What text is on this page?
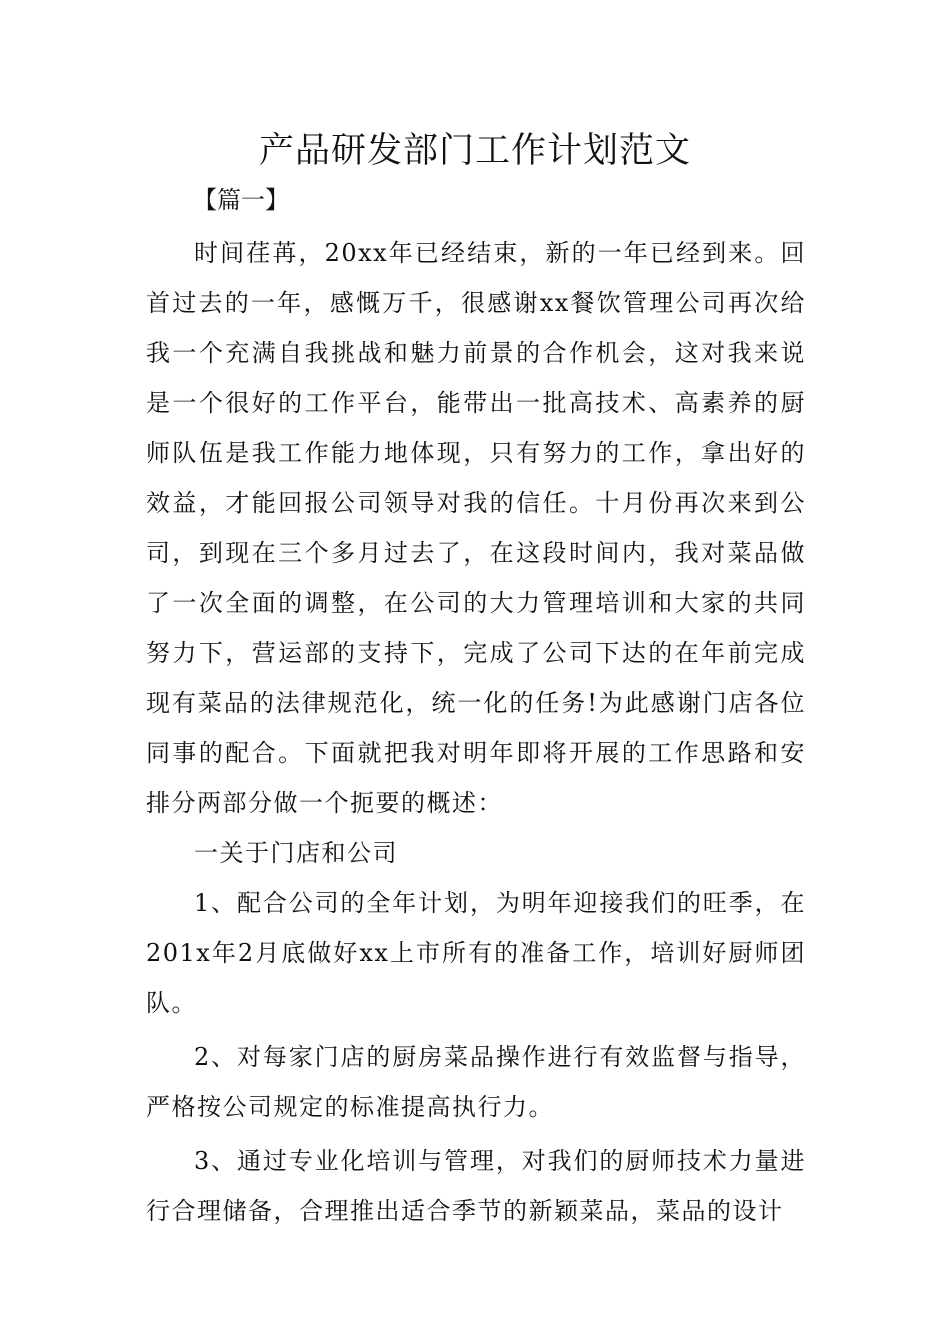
产品研发部门工作计划范文
【篇一】

时间荏苒，20xx年已经结束，新的一年已经到来。回首过去的一年，感慨万千，很感谢xx餐饮管理公司再次给我一个充满自我挑战和魅力前景的合作机会，这对我来说是一个很好的工作平台，能带出一批高技术、高素养的厨师队伍是我工作能力地体现，只有努力的工作，拿出好的效益，才能回报公司领导对我的信任。十月份再次来到公司，到现在三个多月过去了，在这段时间内，我对菜品做了一次全面的调整，在公司的大力管理培训和大家的共同努力下，营运部的支持下，完成了公司下达的在年前完成现有菜品的法律规范化，统一化的任务!为此感谢门店各位同事的配合。下面就把我对明年即将开展的工作思路和安排分两部分做一个扼要的概述：

一关于门店和公司

1、配合公司的全年计划，为明年迎接我们的旺季，在201x年2月底做好xx上市所有的准备工作，培训好厨师团队。

2、对每家门店的厨房菜品操作进行有效监督与指导，严格按公司规定的标准提高执行力。

3、通过专业化培训与管理，对我们的厨师技术力量进行合理储备，合理推出适合季节的新颖菜品，菜品的设计
